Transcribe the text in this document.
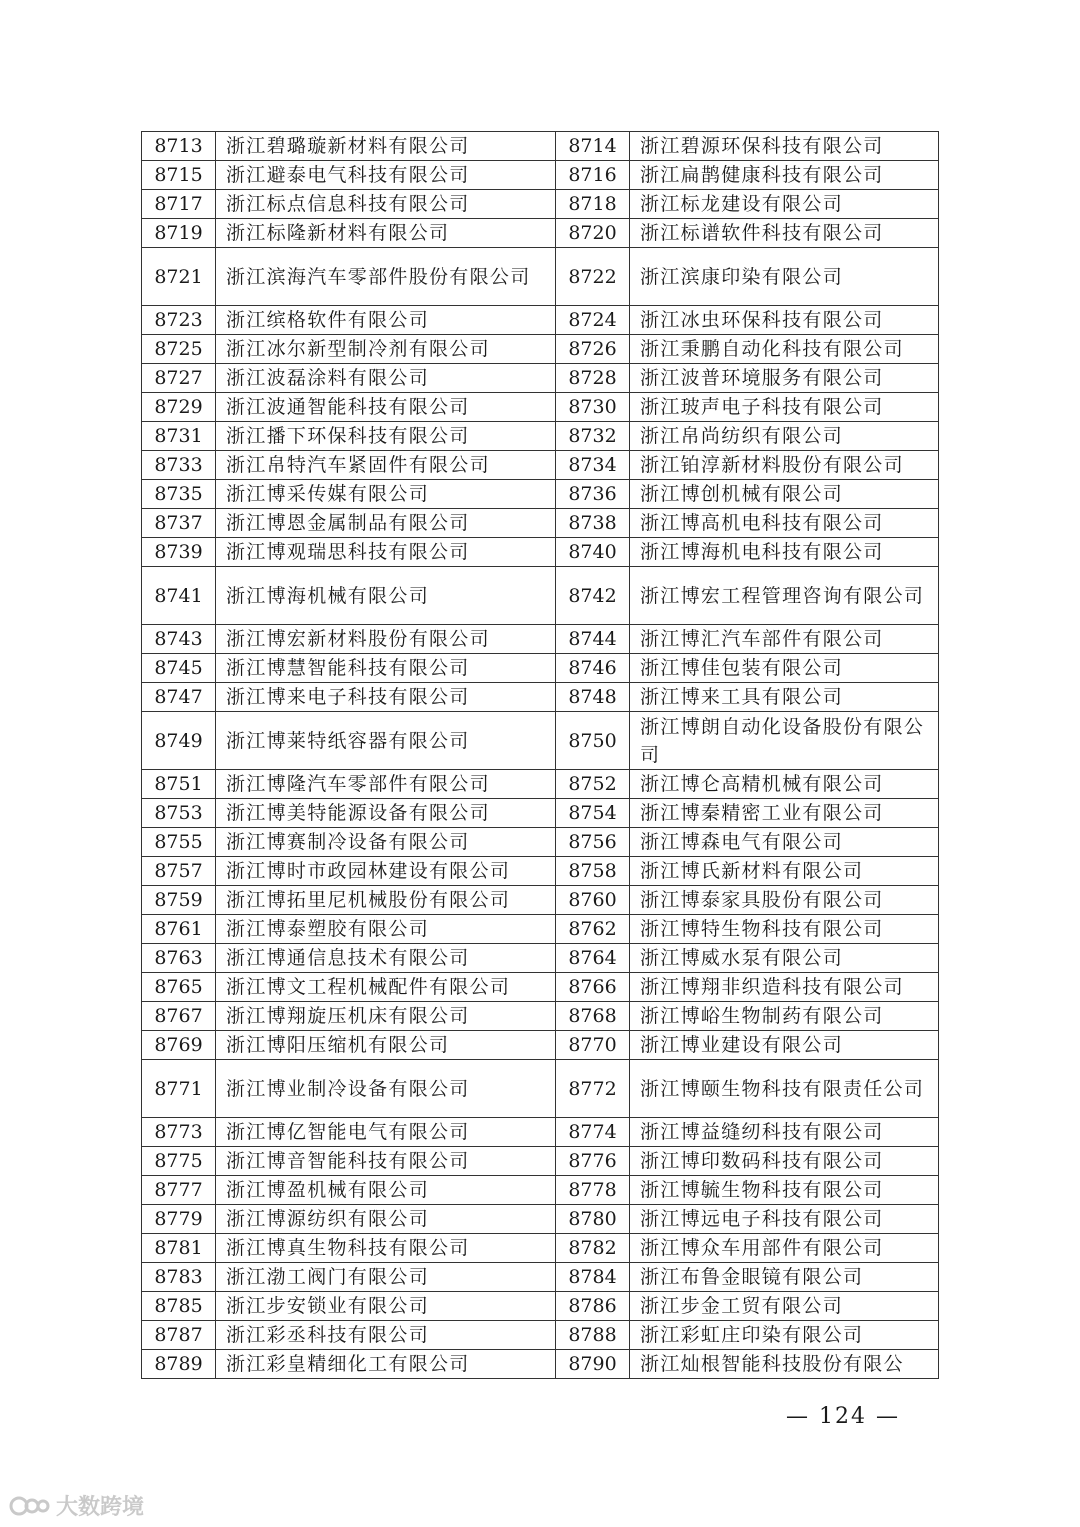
8713	浙江碧璐璇新材料有限公司	8714	浙江碧源环保科技有限公司
8715	浙江避泰电气科技有限公司	8716	浙江扁鹊健康科技有限公司
8717	浙江标点信息科技有限公司	8718	浙江标龙建设有限公司
8719	浙江标隆新材料有限公司	8720	浙江标谱软件科技有限公司
8721	浙江滨海汽车零部件股份有限公司	8722	浙江滨康印染有限公司
8723	浙江缤格软件有限公司	8724	浙江冰虫环保科技有限公司
8725	浙江冰尔新型制冷剂有限公司	8726	浙江秉鹏自动化科技有限公司
8727	浙江波磊涂料有限公司	8728	浙江波普环境服务有限公司
8729	浙江波通智能科技有限公司	8730	浙江玻声电子科技有限公司
8731	浙江播下环保科技有限公司	8732	浙江帛尚纺织有限公司
8733	浙江帛特汽车紧固件有限公司	8734	浙江铂淳新材料股份有限公司
8735	浙江博采传媒有限公司	8736	浙江博创机械有限公司
8737	浙江博恩金属制品有限公司	8738	浙江博高机电科技有限公司
8739	浙江博观瑞思科技有限公司	8740	浙江博海机电科技有限公司
8741	浙江博海机械有限公司	8742	浙江博宏工程管理咨询有限公司
8743	浙江博宏新材料股份有限公司	8744	浙江博汇汽车部件有限公司
8745	浙江博慧智能科技有限公司	8746	浙江博佳包装有限公司
8747	浙江博来电子科技有限公司	8748	浙江博来工具有限公司
8749	浙江博莱特纸容器有限公司	8750	浙江博朗自动化设备股份有限公司
8751	浙江博隆汽车零部件有限公司	8752	浙江博仑高精机械有限公司
8753	浙江博美特能源设备有限公司	8754	浙江博秦精密工业有限公司
8755	浙江博赛制冷设备有限公司	8756	浙江博森电气有限公司
8757	浙江博时市政园林建设有限公司	8758	浙江博氏新材料有限公司
8759	浙江博拓里尼机械股份有限公司	8760	浙江博泰家具股份有限公司
8761	浙江博泰塑胶有限公司	8762	浙江博特生物科技有限公司
8763	浙江博通信息技术有限公司	8764	浙江博威水泵有限公司
8765	浙江博文工程机械配件有限公司	8766	浙江博翔非织造科技有限公司
8767	浙江博翔旋压机床有限公司	8768	浙江博峪生物制药有限公司
8769	浙江博阳压缩机有限公司	8770	浙江博业建设有限公司
8771	浙江博业制冷设备有限公司	8772	浙江博颐生物科技有限责任公司
8773	浙江博亿智能电气有限公司	8774	浙江博益缝纫科技有限公司
8775	浙江博音智能科技有限公司	8776	浙江博印数码科技有限公司
8777	浙江博盈机械有限公司	8778	浙江博毓生物科技有限公司
8779	浙江博源纺织有限公司	8780	浙江博远电子科技有限公司
8781	浙江博真生物科技有限公司	8782	浙江博众车用部件有限公司
8783	浙江渤工阀门有限公司	8784	浙江布鲁金眼镜有限公司
8785	浙江步安锁业有限公司	8786	浙江步金工贸有限公司
8787	浙江彩丞科技有限公司	8788	浙江彩虹庄印染有限公司
8789	浙江彩皇精细化工有限公司	8790	浙江灿根智能科技股份有限公
— 124 —
大数跨境
